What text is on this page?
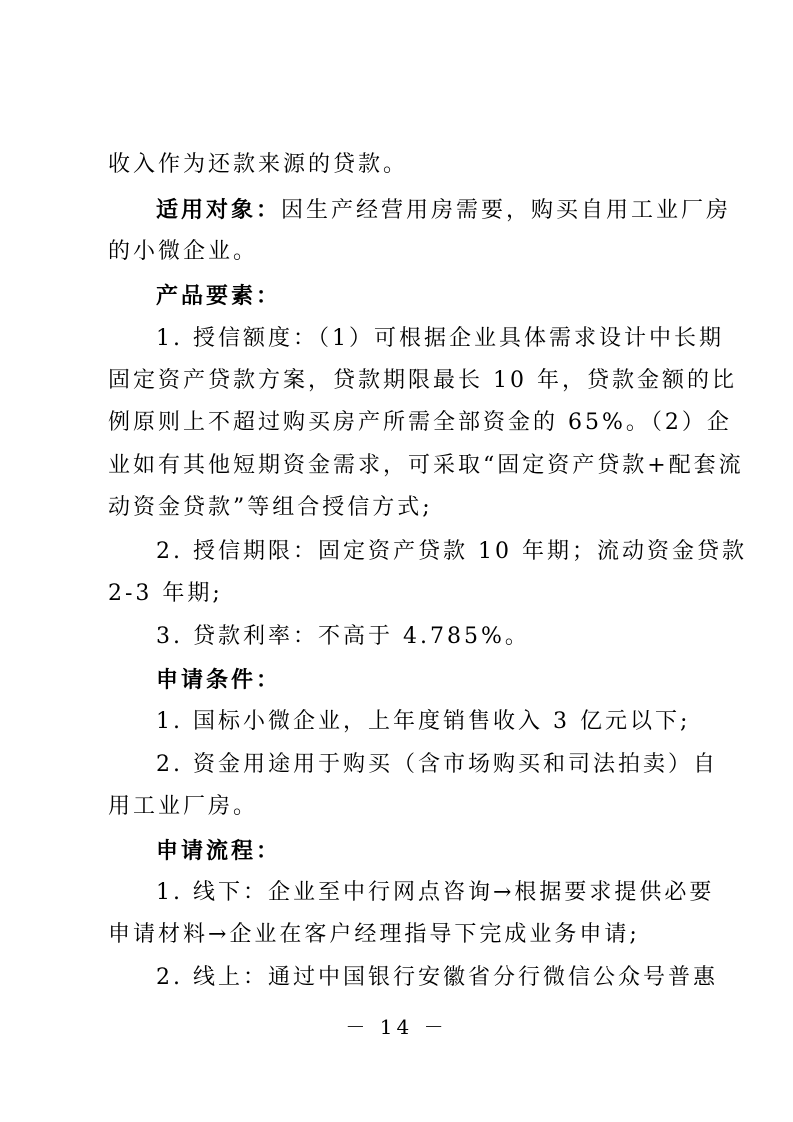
收入作为还款来源的贷款。
适用对象：因生产经营用房需要，购买自用工业厂房
的小微企业。
产品要素：
1. 授信额度：（1）可根据企业具体需求设计中长期
固定资产贷款方案，贷款期限最长 10 年，贷款金额的比
例原则上不超过购买房产所需全部资金的 65%。（2）企
业如有其他短期资金需求，可采取“固定资产贷款+配套流
动资金贷款”等组合授信方式;
2. 授信期限：固定资产贷款 10 年期；流动资金贷款
2-3 年期;
3. 贷款利率：不高于 4.785%。
申请条件：
1. 国标小微企业，上年度销售收入 3 亿元以下;
2. 资金用途用于购买（含市场购买和司法拍卖）自
用工业厂房。
申请流程：
1. 线下：企业至中行网点咨询→根据要求提供必要
申请材料→企业在客户经理指导下完成业务申请;
2. 线上：通过中国银行安徽省分行微信公众号普惠
－ 14 －
